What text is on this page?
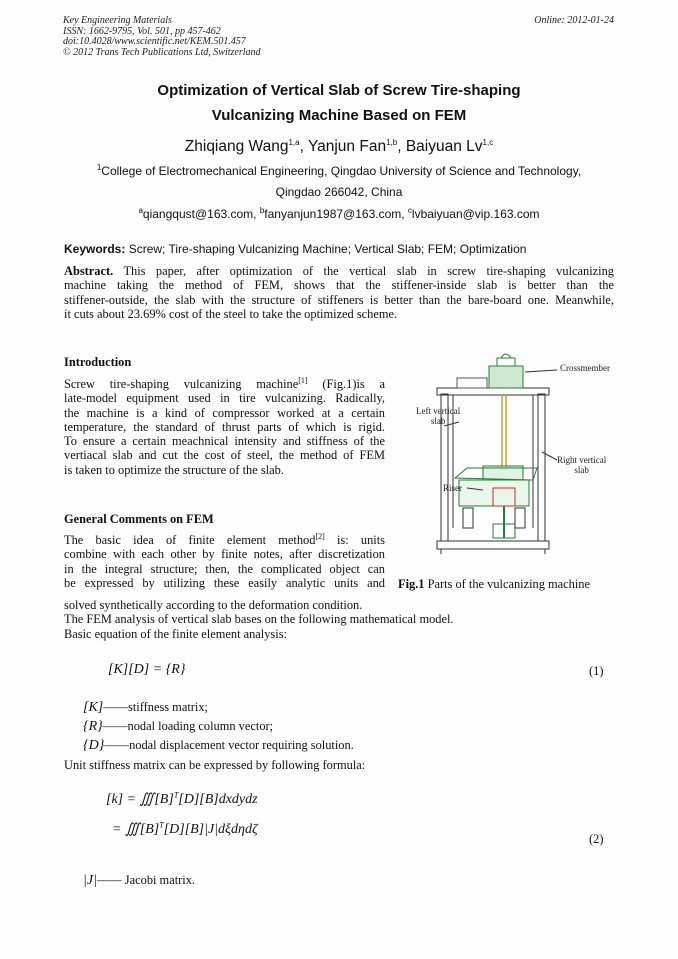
Key Engineering Materials
ISSN: 1662-9795, Vol. 501, pp 457-462
doi:10.4028/www.scientific.net/KEM.501.457
© 2012 Trans Tech Publications Ltd, Switzerland
Online: 2012-01-24
Optimization of Vertical Slab of Screw Tire-shaping
Vulcanizing Machine Based on FEM
Zhiqiang Wang$^{1,a}$, Yanjun Fan$^{1,b}$, Baiyuan Lv$^{1,c}$
$^1$College of Electromechanical Engineering, Qingdao University of Science and Technology,
Qingdao 266042, China
$^a$qiangqust@163.com, $^b$fanyanjun1987@163.com, $^c$lvbaiyuan@vip.163.com
Keywords: Screw; Tire-shaping Vulcanizing Machine; Vertical Slab; FEM; Optimization
Abstract. This paper, after optimization of the vertical slab in screw tire-shaping vulcanizing
machine taking the method of FEM, shows that the stiffener-inside slab is better than the
stiffener-outside, the slab with the structure of stiffeners is better than the bare-board one. Meanwhile,
it cuts about 23.69% cost of the steel to take the optimized scheme.
Introduction
Screw tire-shaping vulcanizing machine[1] (Fig.1)is a
late-model equipment used in tire vulcanizing. Radically,
the machine is a kind of compressor worked at a certain
temperature, the standard of thrust parts of which is rigid.
To ensure a certain meachnical intensity and stiffness of the
vertiacal slab and cut the cost of steel, the method of FEM
is taken to optimize the structure of the slab.
General Comments on FEM
The basic idea of finite element method[2] is: units
combine with each other by finite notes, after discretization
in the integral structure; then, the complicated object can
be expressed by utilizing these easily analytic units and
solved synthetically according to the deformation condition.
The FEM analysis of vertical slab bases on the following mathematical model.
Basic equation of the finite element analysis:
Crossmember
Left vertical
slab
Right vertical
slab
Riser
Fig.1 Parts of the vulcanizing machine
[K][D] = {R}	(1)
[K]——stiffness matrix;
{R}——nodal loading column vector;
{D}——nodal displacement vector requiring solution.
Unit stiffness matrix can be expressed by following formula:
$[k] = ∭[B]^T[D][B]dxdydz$
= $∭[B]^T[D][B]|J|d\xi d\eta d\zeta$
(2)
|J|—— Jacobi matrix.
